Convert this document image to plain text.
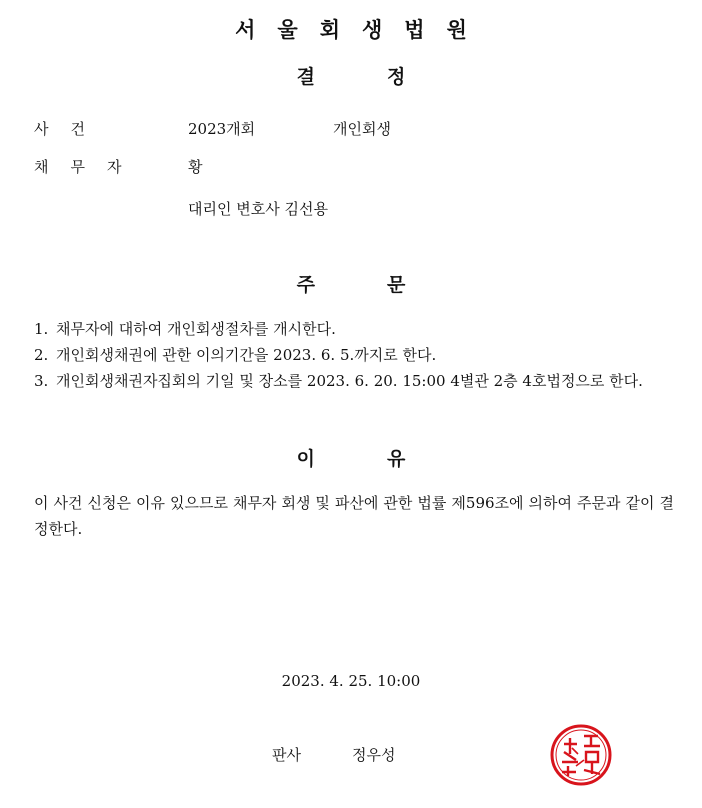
서울회생법원
결정
사건	2023개회	개인회생
채무자	황
대리인 변호사 김선용
주문
1. 채무자에 대하여 개인회생절차를 개시한다.
2. 개인회생채권에 관한 이의기간을 2023. 6. 5.까지로 한다.
3. 개인회생채권자집회의 기일 및 장소를 2023. 6. 20. 15:00 4별관 2층 4호법정으로 한다.
이유

이 사건 신청은 이유 있으므로 채무자 회생 및 파산에 관한 법률 제596조에 의하여 주문과 같이 결정한다.

2023. 4. 25. 10:00
판사	정우성
